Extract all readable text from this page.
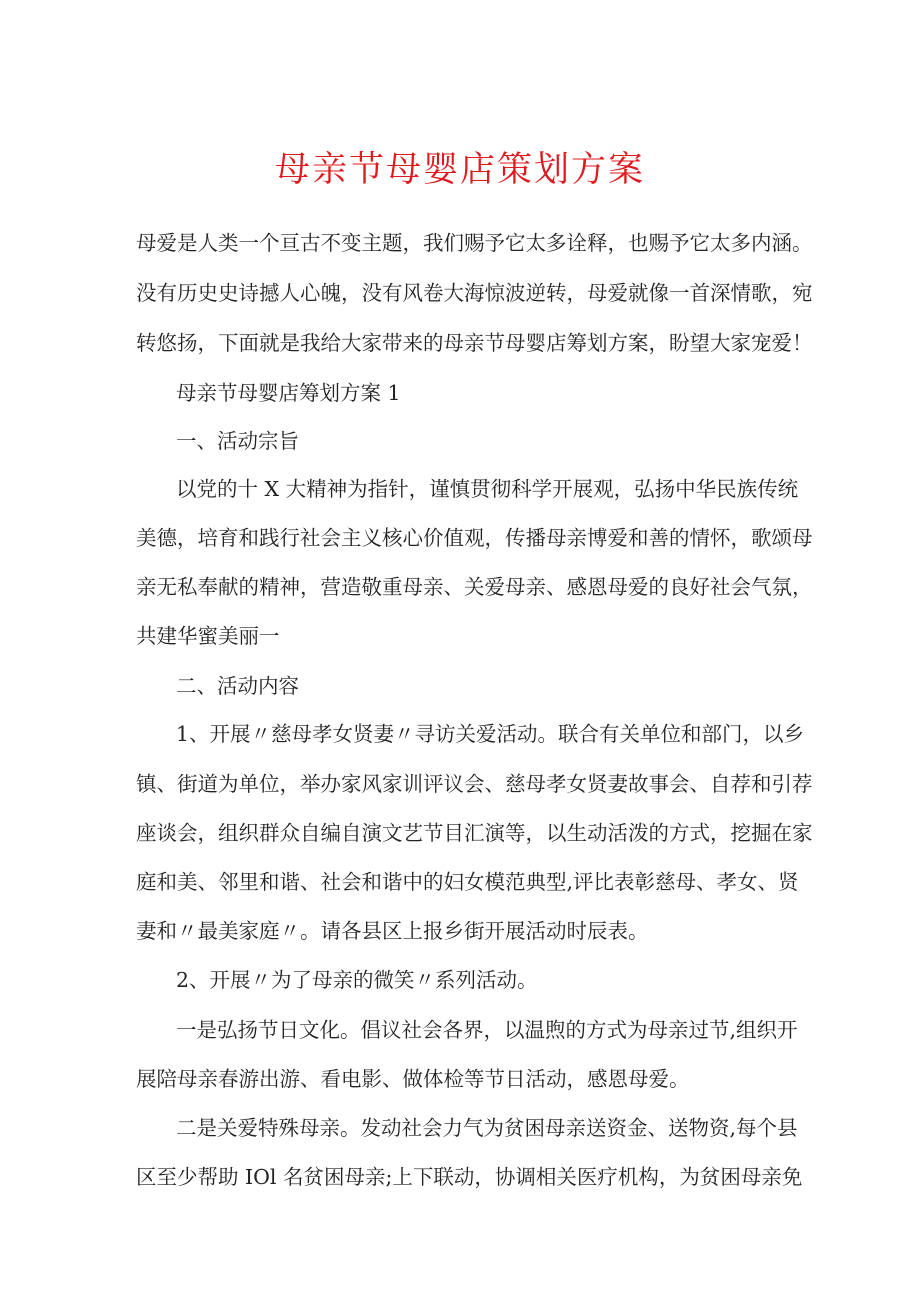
母亲节母婴店策划方案
母爱是人类一个亘古不变主题，我们赐予它太多诠释，也赐予它太多内涵。
没有历史史诗撼人心魄，没有风卷大海惊波逆转，母爱就像一首深情歌，宛
转悠扬，下面就是我给大家带来的母亲节母婴店筹划方案，盼望大家宠爱！
母亲节母婴店筹划方案 1
一、活动宗旨
以党的十 X 大精神为指针，谨慎贯彻科学开展观，弘扬中华民族传统
美德，培育和践行社会主义核心价值观，传播母亲博爱和善的情怀，歌颂母
亲无私奉献的精神，营造敬重母亲、关爱母亲、感恩母爱的良好社会气氛，
共建华蜜美丽一
二、活动内容
1、开展〃慈母孝女贤妻〃寻访关爱活动。联合有关单位和部门，以乡
镇、街道为单位，举办家风家训评议会、慈母孝女贤妻故事会、自荐和引荐
座谈会，组织群众自编自演文艺节目汇演等，以生动活泼的方式，挖掘在家
庭和美、邻里和谐、社会和谐中的妇女模范典型,评比表彰慈母、孝女、贤
妻和〃最美家庭〃。请各县区上报乡街开展活动时辰表。
2、开展〃为了母亲的微笑〃系列活动。
一是弘扬节日文化。倡议社会各界，以温煦的方式为母亲过节,组织开
展陪母亲春游出游、看电影、做体检等节日活动，感恩母爱。
二是关爱特殊母亲。发动社会力气为贫困母亲送资金、送物资,每个县
区至少帮助 IOl 名贫困母亲;上下联动，协调相关医疗机构，为贫困母亲免
